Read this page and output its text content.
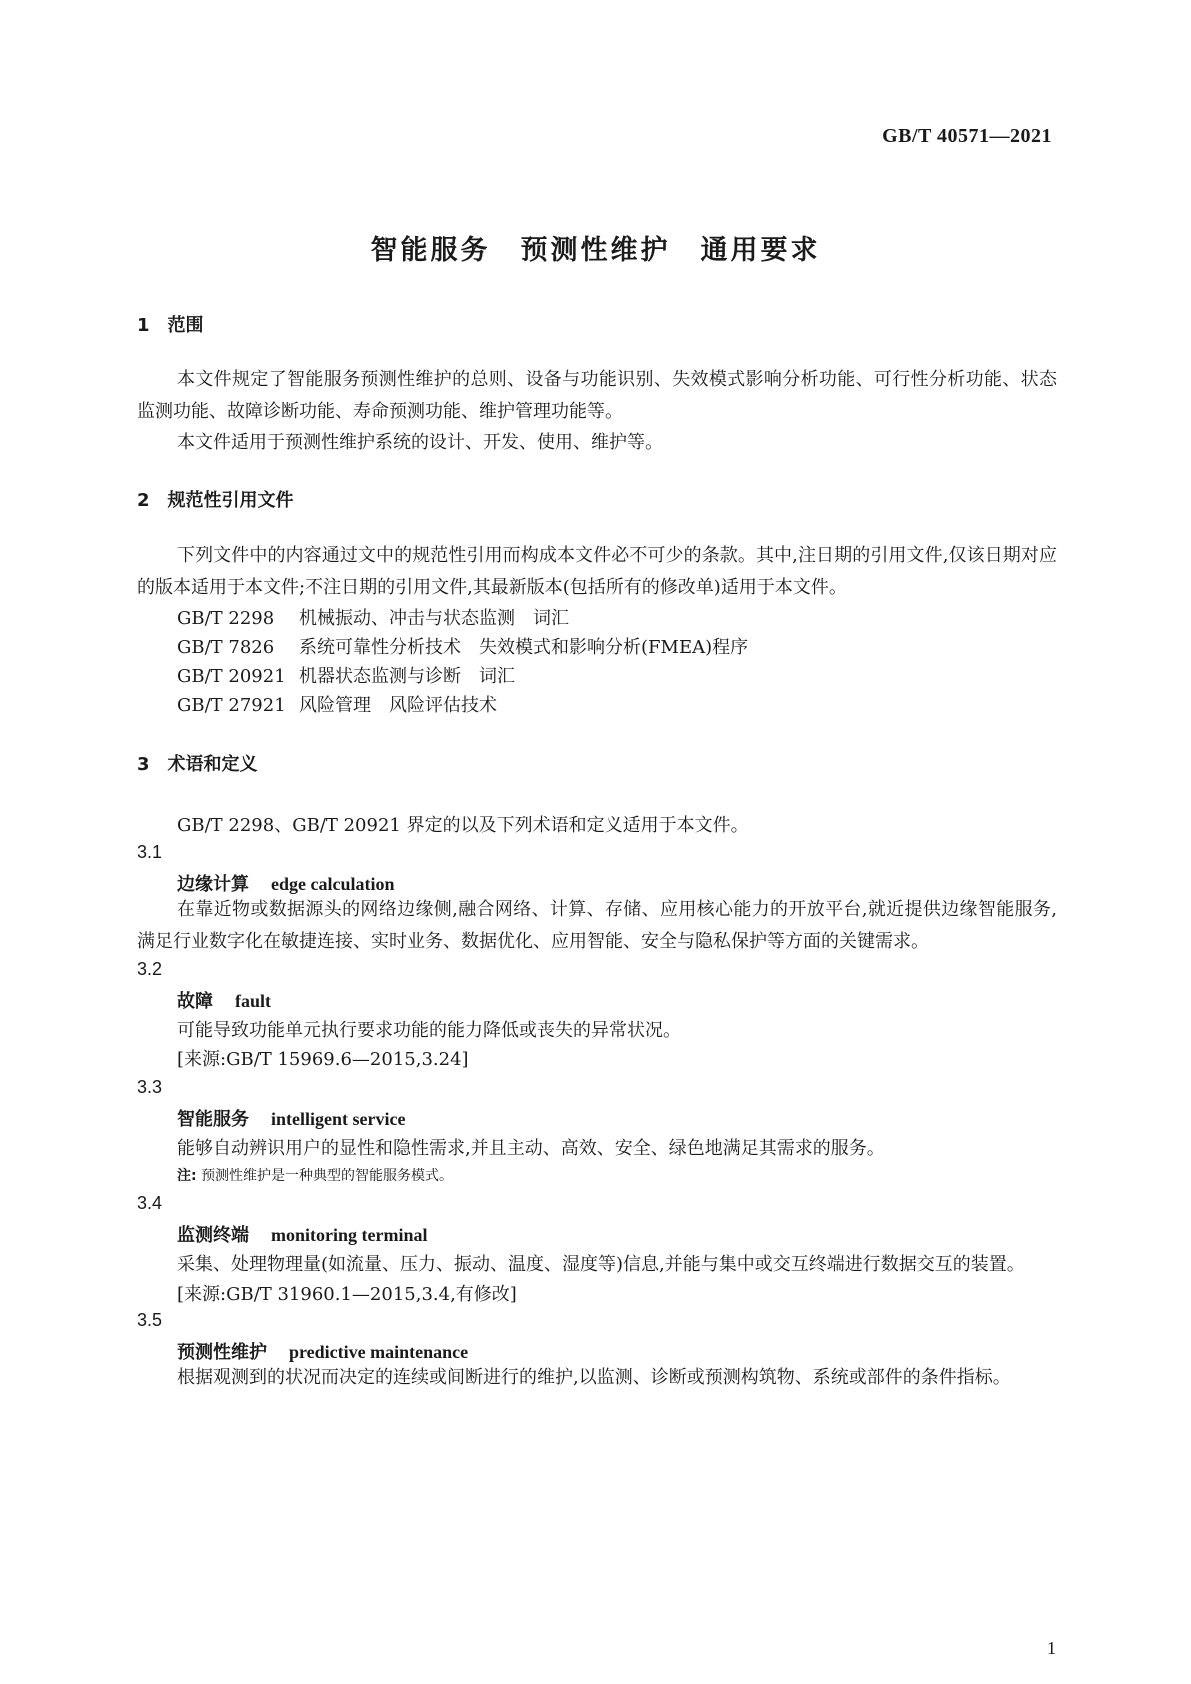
GB/T 40571—2021
智能服务　预测性维护　通用要求
1　范围
本文件规定了智能服务预测性维护的总则、设备与功能识别、失效模式影响分析功能、可行性分析功能、状态监测功能、故障诊断功能、寿命预测功能、维护管理功能等。
本文件适用于预测性维护系统的设计、开发、使用、维护等。
2　规范性引用文件
下列文件中的内容通过文中的规范性引用而构成本文件必不可少的条款。其中,注日期的引用文件,仅该日期对应的版本适用于本文件;不注日期的引用文件,其最新版本(包括所有的修改单)适用于本文件。
GB/T 2298 机械振动、冲击与状态监测　词汇
GB/T 7826 系统可靠性分析技术　失效模式和影响分析(FMEA)程序
GB/T 20921 机器状态监测与诊断　词汇
GB/T 27921 风险管理　风险评估技术
3　术语和定义
GB/T 2298、GB/T 20921 界定的以及下列术语和定义适用于本文件。
3.1
边缘计算 edge calculation
在靠近物或数据源头的网络边缘侧,融合网络、计算、存储、应用核心能力的开放平台,就近提供边缘智能服务,满足行业数字化在敏捷连接、实时业务、数据优化、应用智能、安全与隐私保护等方面的关键需求。
3.2
故障 fault
可能导致功能单元执行要求功能的能力降低或丧失的异常状况。
[来源:GB/T 15969.6—2015,3.24]
3.3
智能服务 intelligent service
能够自动辨识用户的显性和隐性需求,并且主动、高效、安全、绿色地满足其需求的服务。
注: 预测性维护是一种典型的智能服务模式。
3.4
监测终端 monitoring terminal
采集、处理物理量(如流量、压力、振动、温度、湿度等)信息,并能与集中或交互终端进行数据交互的装置。
[来源:GB/T 31960.1—2015,3.4,有修改]
3.5
预测性维护 predictive maintenance
根据观测到的状况而决定的连续或间断进行的维护,以监测、诊断或预测构筑物、系统或部件的条件指标。
1
